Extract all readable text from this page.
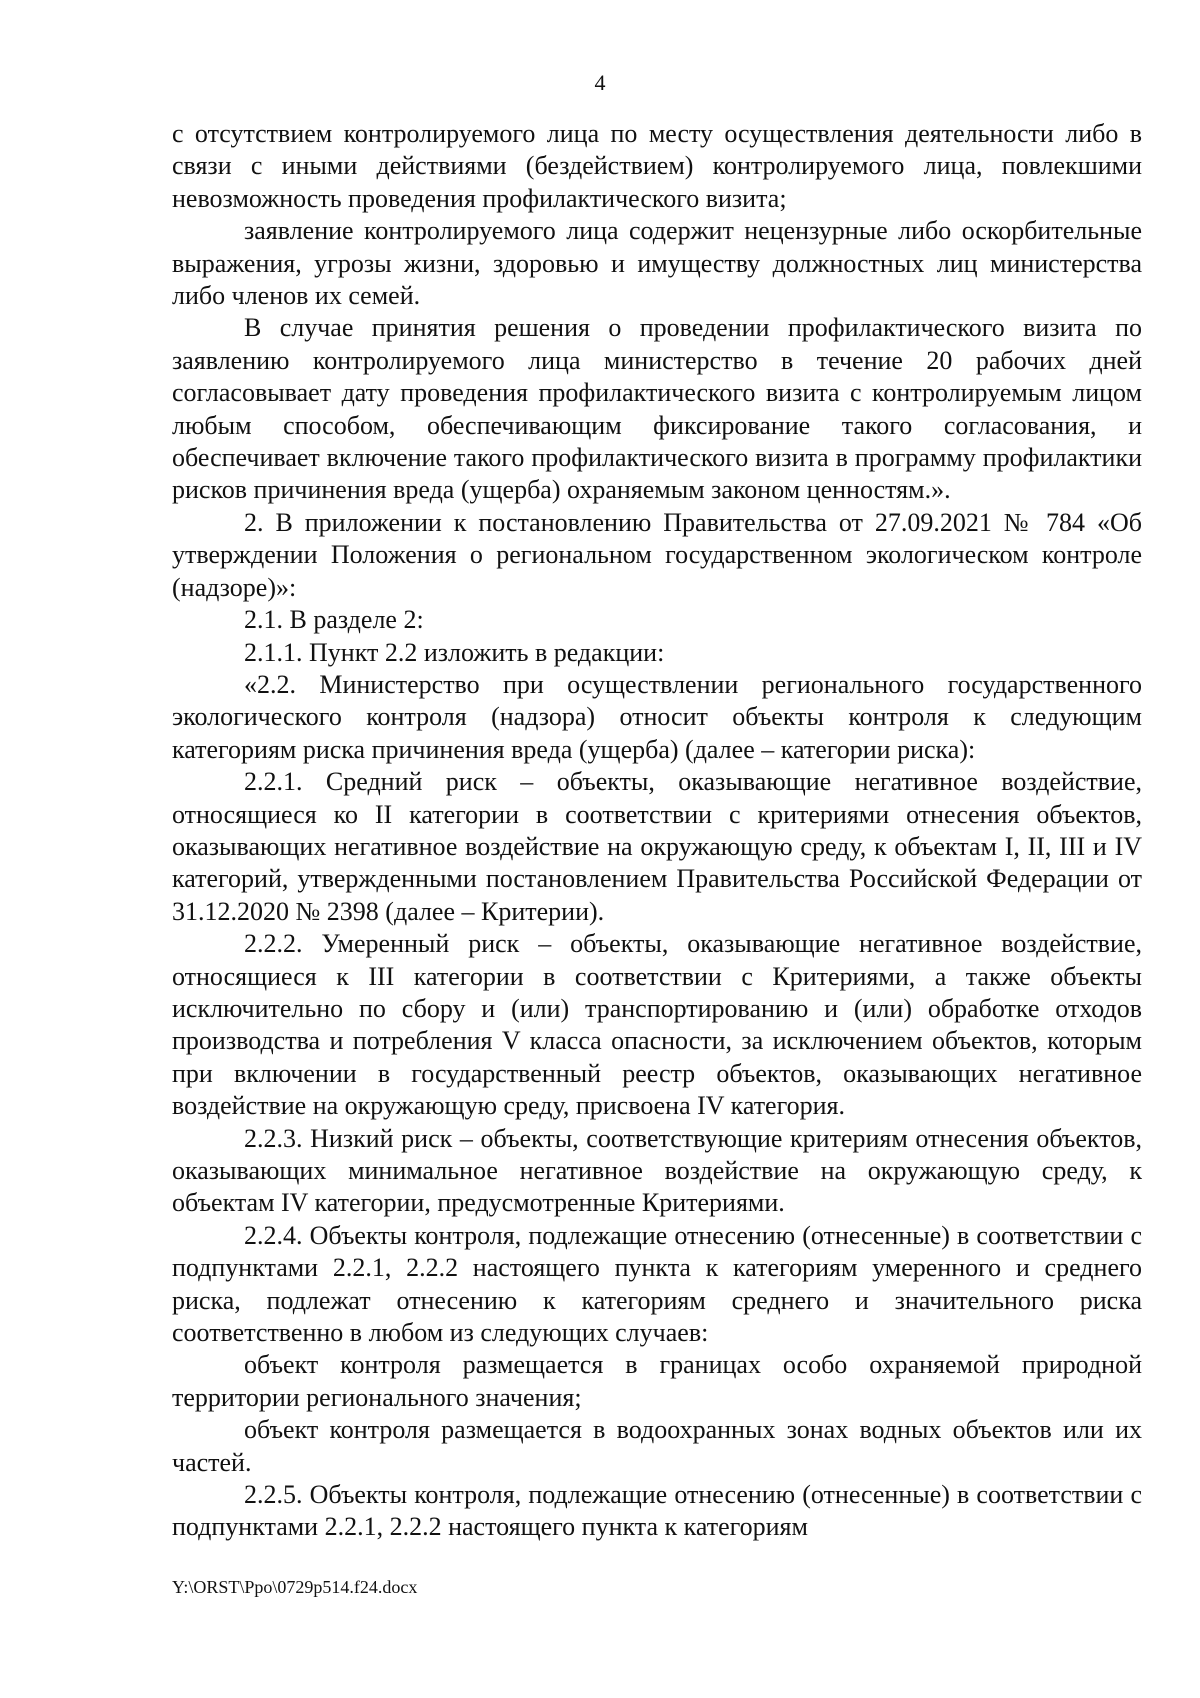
4

с отсутствием контролируемого лица по месту осуществления деятельности либо в связи с иными действиями (бездействием) контролируемого лица, повлекшими невозможность проведения профилактического визита;

заявление контролируемого лица содержит нецензурные либо оскорбительные выражения, угрозы жизни, здоровью и имуществу должностных лиц министерства либо членов их семей.

В случае принятия решения о проведении профилактического визита по заявлению контролируемого лица министерство в течение 20 рабочих дней согласовывает дату проведения профилактического визита с контролируемым лицом любым способом, обеспечивающим фиксирование такого согласования, и обеспечивает включение такого профилактического визита в программу профилактики рисков причинения вреда (ущерба) охраняемым законом ценностям.».

2. В приложении к постановлению Правительства от 27.09.2021 № 784 «Об утверждении Положения о региональном государственном экологическом контроле (надзоре)»:

2.1. В разделе 2:

2.1.1. Пункт 2.2 изложить в редакции:

«2.2. Министерство при осуществлении регионального государственного экологического контроля (надзора) относит объекты контроля к следующим категориям риска причинения вреда (ущерба) (далее – категории риска):

2.2.1. Средний риск – объекты, оказывающие негативное воздействие, относящиеся ко II категории в соответствии с критериями отнесения объектов, оказывающих негативное воздействие на окружающую среду, к объектам I, II, III и IV категорий, утвержденными постановлением Правительства Российской Федерации от 31.12.2020 № 2398 (далее – Критерии).

2.2.2. Умеренный риск – объекты, оказывающие негативное воздействие, относящиеся к III категории в соответствии с Критериями, а также объекты исключительно по сбору и (или) транспортированию и (или) обработке отходов производства и потребления V класса опасности, за исключением объектов, которым при включении в государственный реестр объектов, оказывающих негативное воздействие на окружающую среду, присвоена IV категория.

2.2.3. Низкий риск – объекты, соответствующие критериям отнесения объектов, оказывающих минимальное негативное воздействие на окружающую среду, к объектам IV категории, предусмотренные Критериями.

2.2.4. Объекты контроля, подлежащие отнесению (отнесенные) в соответствии с подпунктами 2.2.1, 2.2.2 настоящего пункта к категориям умеренного и среднего риска, подлежат отнесению к категориям среднего и значительного риска соответственно в любом из следующих случаев:

объект контроля размещается в границах особо охраняемой природной территории регионального значения;

объект контроля размещается в водоохранных зонах водных объектов или их частей.

2.2.5. Объекты контроля, подлежащие отнесению (отнесенные) в соответствии с подпунктами 2.2.1, 2.2.2 настоящего пункта к категориям

Y:\ORST\Ppo\0729p514.f24.docx
